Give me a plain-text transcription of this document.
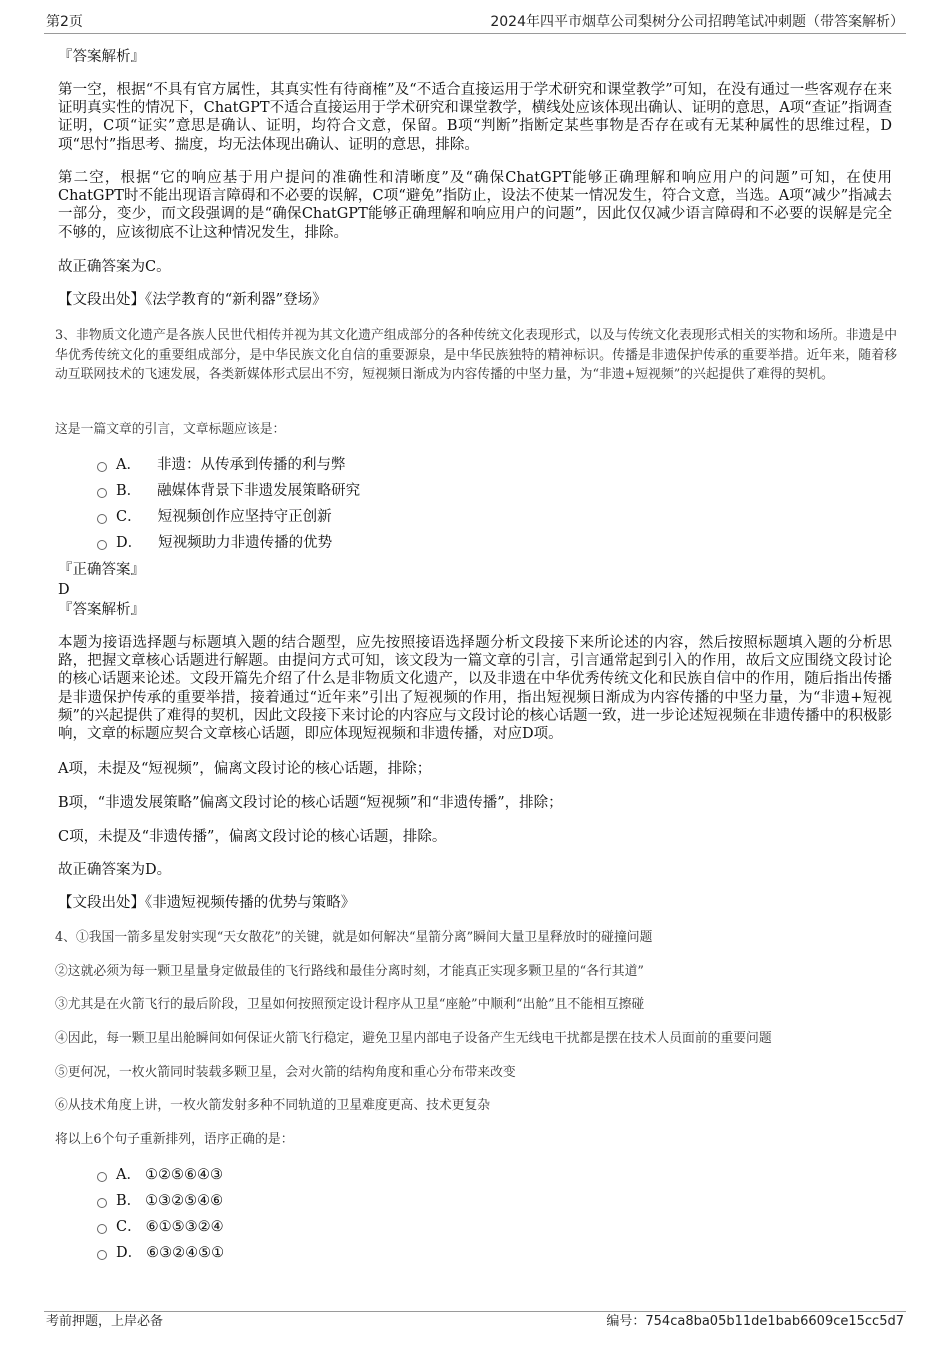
第2页	2024年四平市烟草公司梨树分公司招聘笔试冲刺题（带答案解析）

『答案解析』

第一空，根据“不具有官方属性，其真实性有待商榷”及“不适合直接运用于学术研究和课堂教学”可知，在没有通过一些客观存在来证明真实性的情况下，ChatGPT不适合直接运用于学术研究和课堂教学，横线处应该体现出确认、证明的意思，A项“查证”指调查证明，C项“证实”意思是确认、证明，均符合文意，保留。B项“判断”指断定某些事物是否存在或有无某种属性的思维过程，D项“思忖”指思考、揣度，均无法体现出确认、证明的意思，排除。

第二空，根据“它的响应基于用户提问的准确性和清晰度”及“确保ChatGPT能够正确理解和响应用户的问题”可知，在使用ChatGPT时不能出现语言障碍和不必要的误解，C项“避免”指防止，设法不使某一情况发生，符合文意，当选。A项“减少”指减去一部分，变少，而文段强调的是“确保ChatGPT能够正确理解和响应用户的问题”，因此仅仅减少语言障碍和不必要的误解是完全不够的，应该彻底不让这种情况发生，排除。

故正确答案为C。

【文段出处】《法学教育的“新利器”登场》

3、非物质文化遗产是各族人民世代相传并视为其文化遗产组成部分的各种传统文化表现形式，以及与传统文化表现形式相关的实物和场所。非遗是中华优秀传统文化的重要组成部分，是中华民族文化自信的重要源泉，是中华民族独特的精神标识。传播是非遗保护传承的重要举措。近年来，随着移动互联网技术的飞速发展，各类新媒体形式层出不穷，短视频日渐成为内容传播的中坚力量，为“非遗+短视频”的兴起提供了难得的契机。

这是一篇文章的引言，文章标题应该是：

A． 非遗：从传承到传播的利与弊
B． 融媒体背景下非遗发展策略研究
C． 短视频创作应坚持守正创新
D． 短视频助力非遗传播的优势

『正确答案』

D

『答案解析』

本题为接语选择题与标题填入题的结合题型，应先按照接语选择题分析文段接下来所论述的内容，然后按照标题填入题的分析思路，把握文章核心话题进行解题。由提问方式可知，该文段为一篇文章的引言，引言通常起到引入的作用，故后文应围绕文段讨论的核心话题来论述。文段开篇先介绍了什么是非物质文化遗产，以及非遗在中华优秀传统文化和民族自信中的作用，随后指出传播是非遗保护传承的重要举措，接着通过“近年来”引出了短视频的作用，指出短视频日渐成为内容传播的中坚力量，为“非遗+短视频”的兴起提供了难得的契机，因此文段接下来讨论的内容应与文段讨论的核心话题一致，进一步论述短视频在非遗传播中的积极影响，文章的标题应契合文章核心话题，即应体现短视频和非遗传播，对应D项。

A项，未提及“短视频”，偏离文段讨论的核心话题，排除；

B项，“非遗发展策略”偏离文段讨论的核心话题“短视频”和“非遗传播”，排除；

C项，未提及“非遗传播”，偏离文段讨论的核心话题，排除。

故正确答案为D。

【文段出处】《非遗短视频传播的优势与策略》

4、①我国一箭多星发射实现“天女散花”的关键，就是如何解决“星箭分离”瞬间大量卫星释放时的碰撞问题

②这就必须为每一颗卫星量身定做最佳的飞行路线和最佳分离时刻，才能真正实现多颗卫星的“各行其道”

③尤其是在火箭飞行的最后阶段，卫星如何按照预定设计程序从卫星“座舱”中顺利“出舱”且不能相互擦碰

④因此，每一颗卫星出舱瞬间如何保证火箭飞行稳定，避免卫星内部电子设备产生无线电干扰都是摆在技术人员面前的重要问题

⑤更何况，一枚火箭同时装载多颗卫星，会对火箭的结构角度和重心分布带来改变

⑥从技术角度上讲，一枚火箭发射多种不同轨道的卫星难度更高、技术更复杂

将以上6个句子重新排列，语序正确的是：

A． ①②⑤⑥④③
B． ①③②⑤④⑥
C． ⑥①⑤③②④
D． ⑥③②④⑤①
考前押题，上岸必备	编号：754ca8ba05b11de1bab6609ce15cc5d7
